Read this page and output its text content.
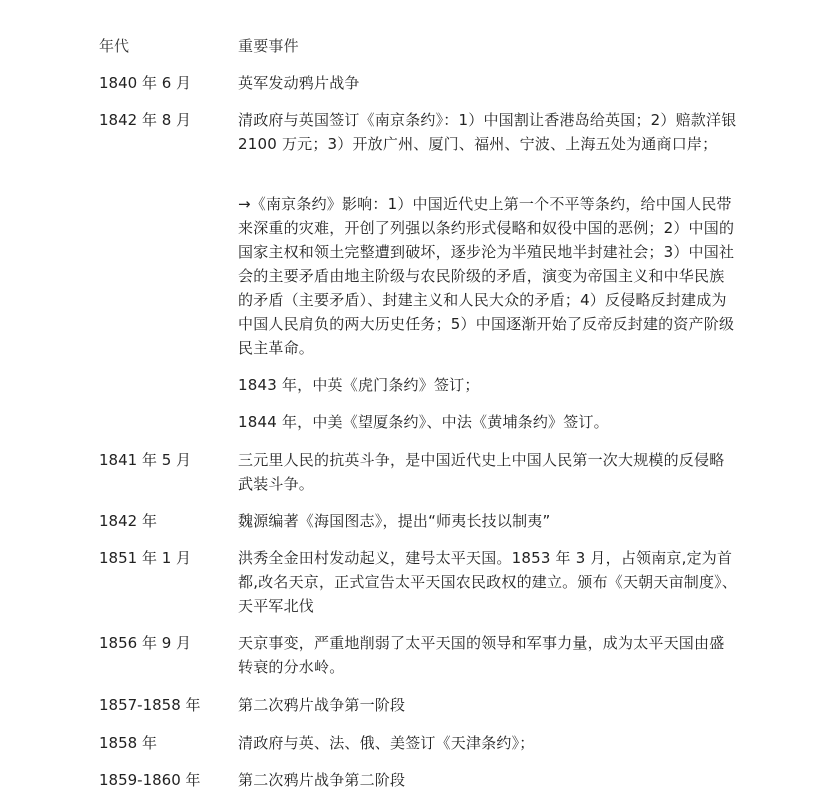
年代	重要事件
1840 年 6 月	英军发动鸦片战争
1842 年 8 月	清政府与英国签订《南京条约》：1）中国割让香港岛给英国；2）赔款洋银 2100 万元；3）开放广州、厦门、福州、宁波、上海五处为通商口岸；
→《南京条约》影响：1）中国近代史上第一个不平等条约，给中国人民带来深重的灾难，开创了列强以条约形式侵略和奴役中国的恶例；2）中国的国家主权和领土完整遭到破坏，逐步沦为半殖民地半封建社会；3）中国社会的主要矛盾由地主阶级与农民阶级的矛盾，演变为帝国主义和中华民族的矛盾（主要矛盾）、封建主义和人民大众的矛盾；4）反侵略反封建成为中国人民肩负的两大历史任务；5）中国逐渐开始了反帝反封建的资产阶级民主革命。
1843 年，中英《虎门条约》签订；
1844 年，中美《望厦条约》、中法《黄埔条约》签订。
1841 年 5 月	三元里人民的抗英斗争，是中国近代史上中国人民第一次大规模的反侵略武装斗争。
1842 年	魏源编著《海国图志》，提出“师夷长技以制夷”
1851 年 1 月	洪秀全金田村发动起义，建号太平天国。1853 年 3 月，占领南京,定为首都,改名天京，正式宣告太平天国农民政权的建立。颁布《天朝天亩制度》、天平军北伐
1856 年 9 月	天京事变，严重地削弱了太平天国的领导和军事力量，成为太平天国由盛转衰的分水岭。
1857-1858 年 第二次鸦片战争第一阶段
1858 年	清政府与英、法、俄、美签订《天津条约》；
1859-1860 年 第二次鸦片战争第二阶段
